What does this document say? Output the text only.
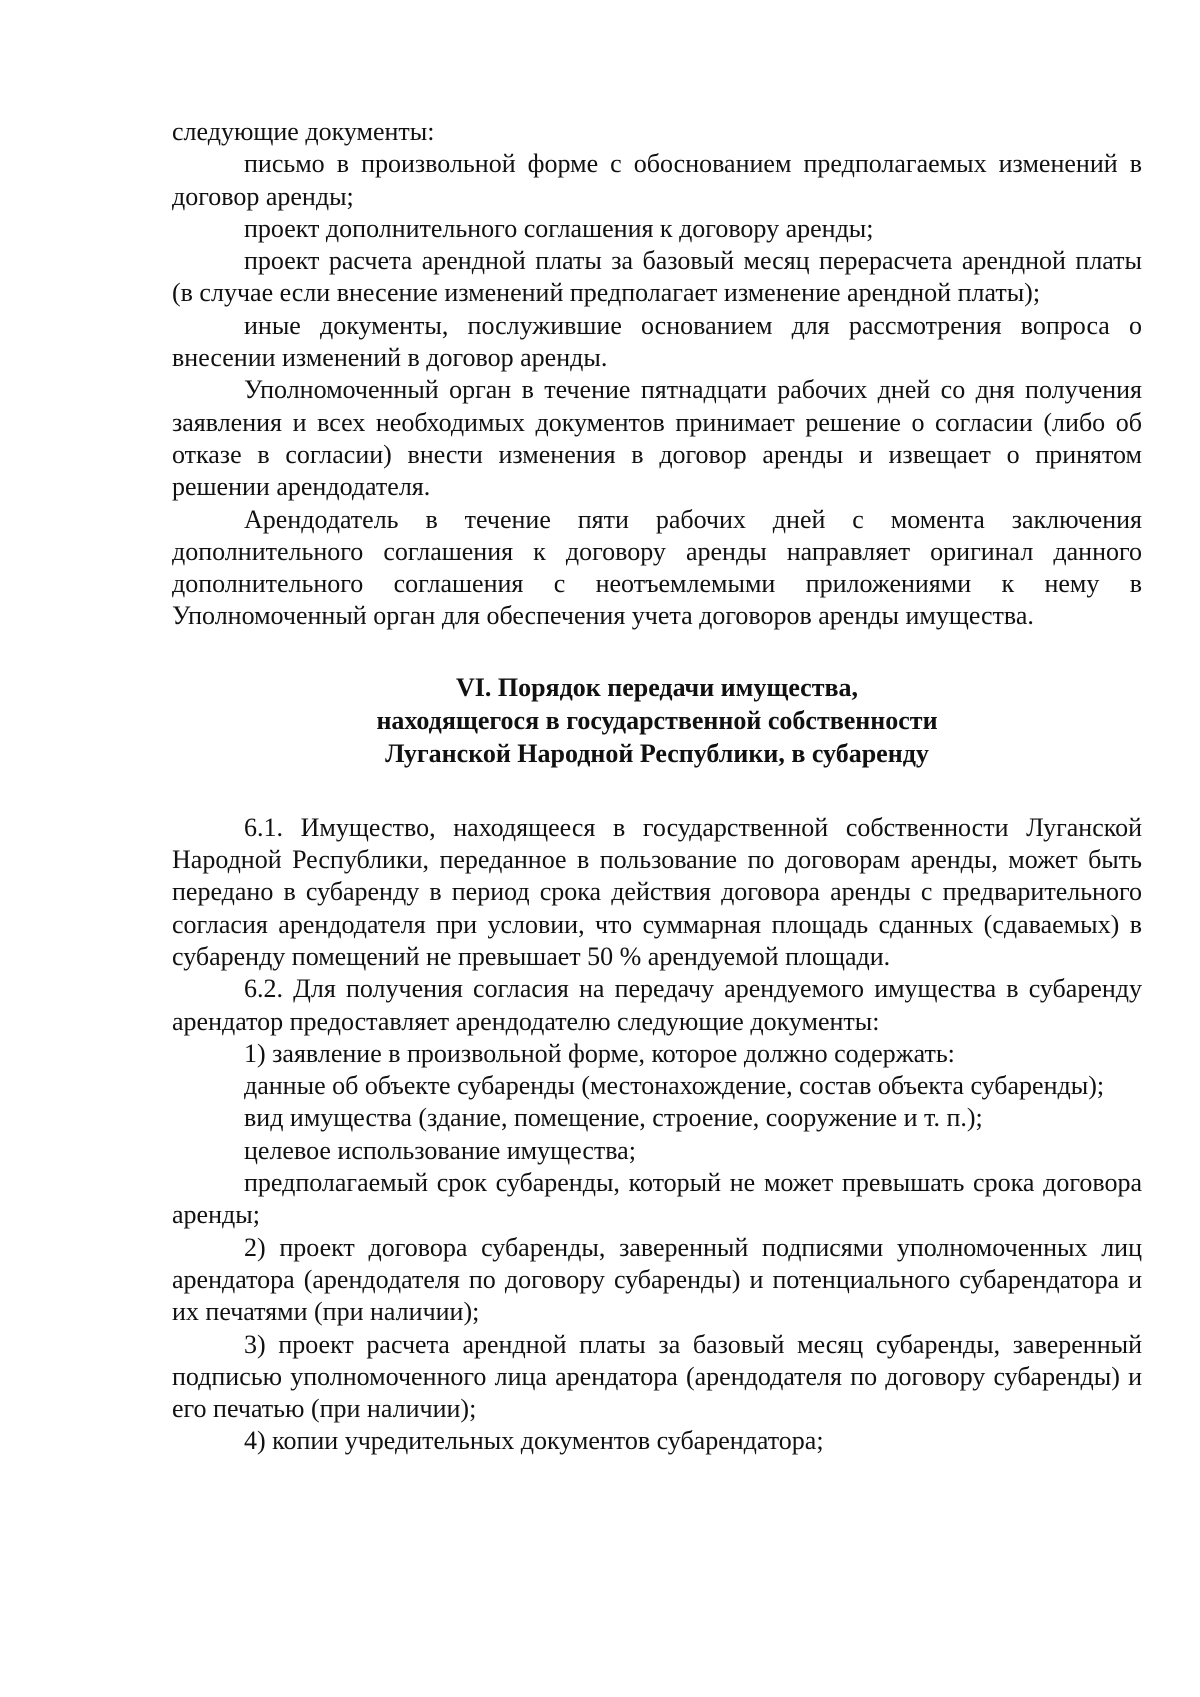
следующие документы:

письмо в произвольной форме с обоснованием предполагаемых изменений в договор аренды;

проект дополнительного соглашения к договору аренды;

проект расчета арендной платы за базовый месяц перерасчета арендной платы (в случае если внесение изменений предполагает изменение арендной платы);

иные документы, послужившие основанием для рассмотрения вопроса о внесении изменений в договор аренды.

Уполномоченный орган в течение пятнадцати рабочих дней со дня получения заявления и всех необходимых документов принимает решение о согласии (либо об отказе в согласии) внести изменения в договор аренды и извещает о принятом решении арендодателя.

Арендодатель в течение пяти рабочих дней с момента заключения дополнительного соглашения к договору аренды направляет оригинал данного дополнительного соглашения с неотъемлемыми приложениями к нему в Уполномоченный орган для обеспечения учета договоров аренды имущества.

VI. Порядок передачи имущества,
находящегося в государственной собственности
Луганской Народной Республики, в субаренду

6.1. Имущество, находящееся в государственной собственности Луганской Народной Республики, переданное в пользование по договорам аренды, может быть передано в субаренду в период срока действия договора аренды с предварительного согласия арендодателя при условии, что суммарная площадь сданных (сдаваемых) в субаренду помещений не превышает 50 % арендуемой площади.

6.2. Для получения согласия на передачу арендуемого имущества в субаренду арендатор предоставляет арендодателю следующие документы:

1) заявление в произвольной форме, которое должно содержать:

данные об объекте субаренды (местонахождение, состав объекта субаренды);

вид имущества (здание, помещение, строение, сооружение и т. п.);

целевое использование имущества;

предполагаемый срок субаренды, который не может превышать срока договора аренды;

2) проект договора субаренды, заверенный подписями уполномоченных лиц арендатора (арендодателя по договору субаренды) и потенциального субарендатора и их печатями (при наличии);

3) проект расчета арендной платы за базовый месяц субаренды, заверенный подписью уполномоченного лица арендатора (арендодателя по договору субаренды) и его печатью (при наличии);

4) копии учредительных документов субарендатора;
